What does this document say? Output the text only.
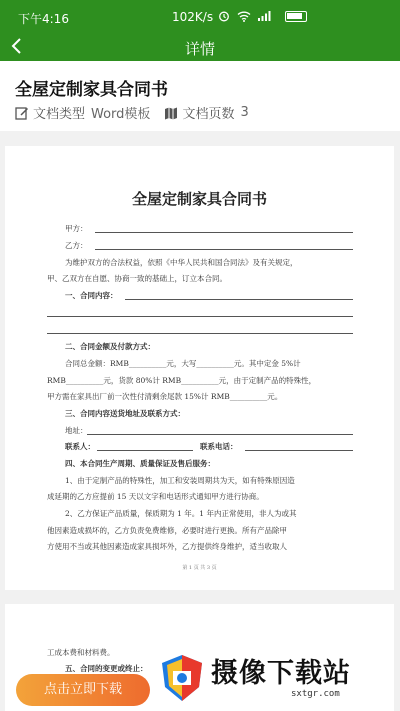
下午4:16	102K/s

详情
全屋定制家具合同书
文档类型 Word模板 文档页数 3
全屋定制家具合同书
甲方：
乙方：
为维护双方的合法权益，依照《中华人民共和国合同法》及有关规定，
甲、乙双方在自愿、协商一致的基础上，订立本合同。
一、合同内容：
二、合同金额及付款方式：
合同总金额：RMB__________元，大写__________元。其中定金 5%计
RMB__________元，货款 80%计 RMB__________元，由于定制产品的特殊性，
甲方需在家具出厂前一次性付清剩余尾款 15%计 RMB__________元。
三、合同内容送货地址及联系方式：
地址：
联系人：	联系电话：
四、本合同生产周期、质量保证及售后服务：
1、由于定制产品的特殊性，加工和安装周期共为天，如有特殊原因造
成延期的乙方应提前 15 天以文字和电话形式通知甲方进行协商。
2、乙方保证产品质量，保质期为 1 年。1 年内正常使用，非人为或其
他因素造成损坏的，乙方负责免费维修，必要时进行更换。所有产品除甲
方使用不当或其他因素造成家具损坏外，乙方提供终身维护，适当收取人
第 1 页 共 3 页
工成本费和材料费。
五、合同的变更或终止：
点击立即下载
摄像下载站
sxtgr.com
